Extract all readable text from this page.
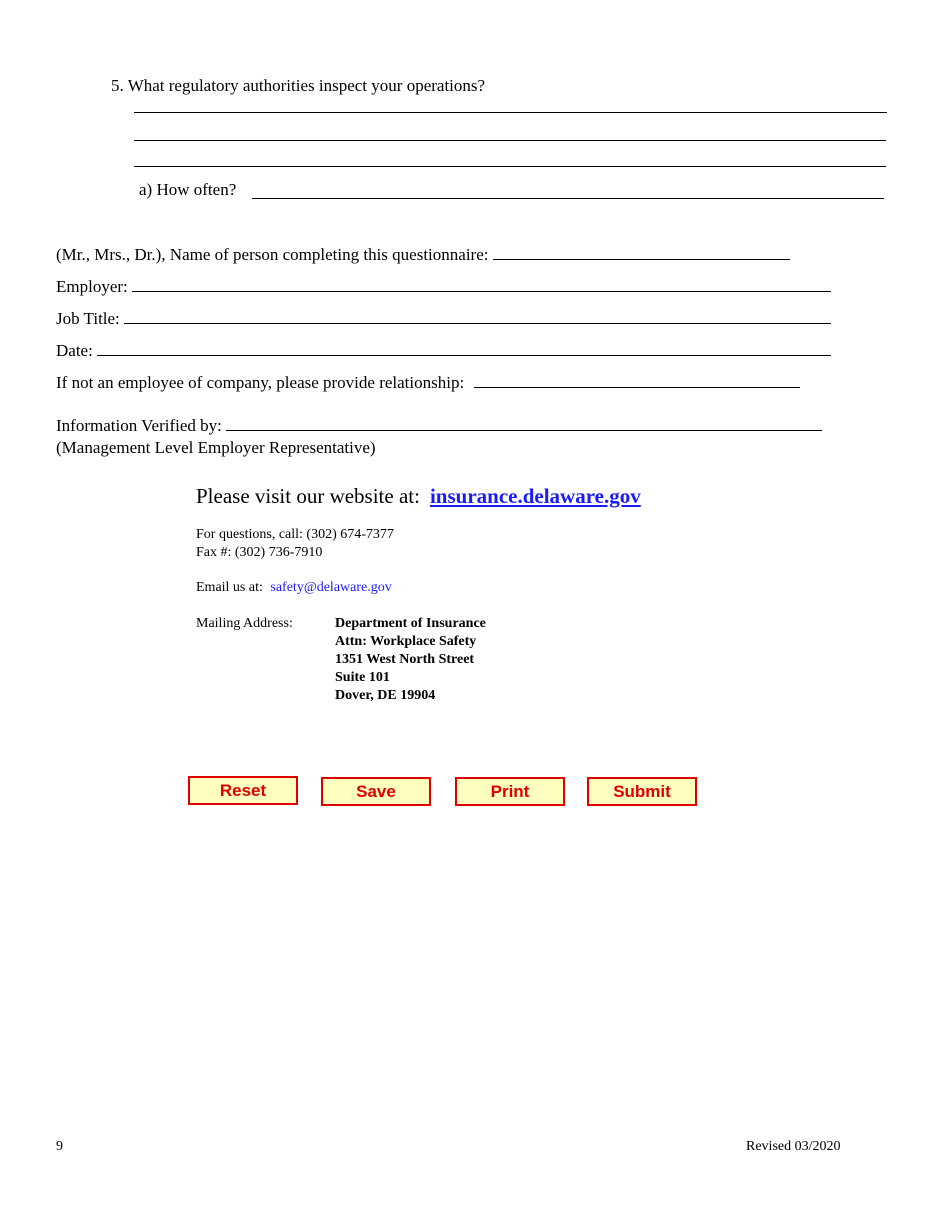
5. What regulatory authorities inspect your operations?
a) How often?
(Mr., Mrs., Dr.), Name of person completing this questionnaire:
Employer:
Job Title:
Date:
If not an employee of company, please provide relationship:
Information Verified by:
(Management Level Employer Representative)
Please visit our website at: insurance.delaware.gov
For questions, call: (302) 674-7377
Fax #: (302) 736-7910
Email us at: safety@delaware.gov
Mailing Address:	Department of Insurance
Attn: Workplace Safety
1351 West North Street
Suite 101
Dover, DE 19904
Reset	Save	Print	Submit
9	Revised 03/2020
